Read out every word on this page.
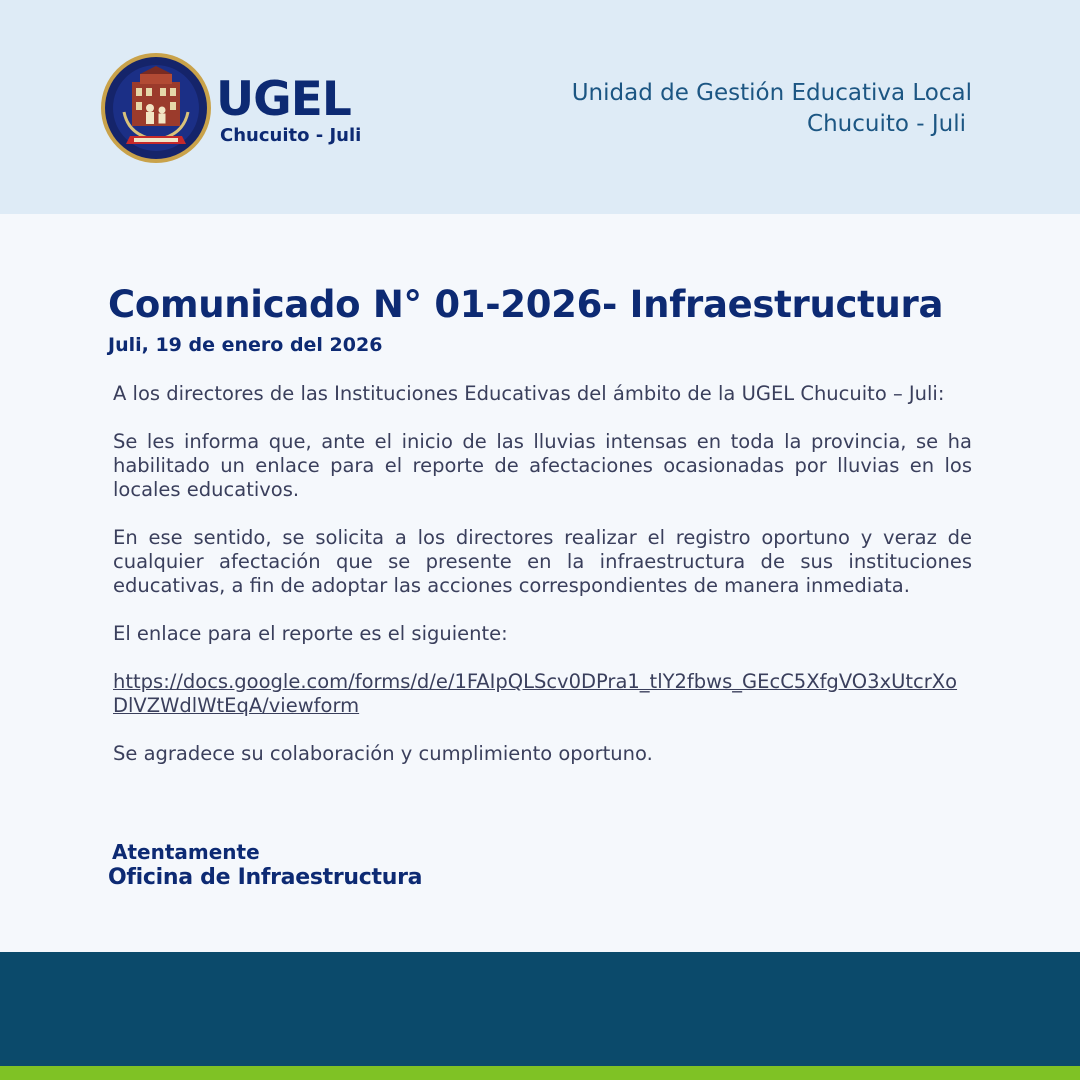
UGEL
Chucuito - Juli
Unidad de Gestión Educativa Local
Chucuito - Juli
Comunicado N° 01-2026- Infraestructura
Juli, 19 de enero del 2026

A los directores de las Instituciones Educativas del ámbito de la UGEL Chucuito – Juli:

Se les informa que, ante el inicio de las lluvias intensas en toda la provincia, se ha habilitado un enlace para el reporte de afectaciones ocasionadas por lluvias en los locales educativos.

En ese sentido, se solicita a los directores realizar el registro oportuno y veraz de cualquier afectación que se presente en la infraestructura de sus instituciones educativas, a fin de adoptar las acciones correspondientes de manera inmediata.

El enlace para el reporte es el siguiente:

https://docs.google.com/forms/d/e/1FAIpQLScv0DPra1_tlY2fbws_GEcC5XfgVO3xUtcrXoDlVZWdlWtEqA/viewform

Se agradece su colaboración y cumplimiento oportuno.

Atentamente
Oficina de Infraestructura
